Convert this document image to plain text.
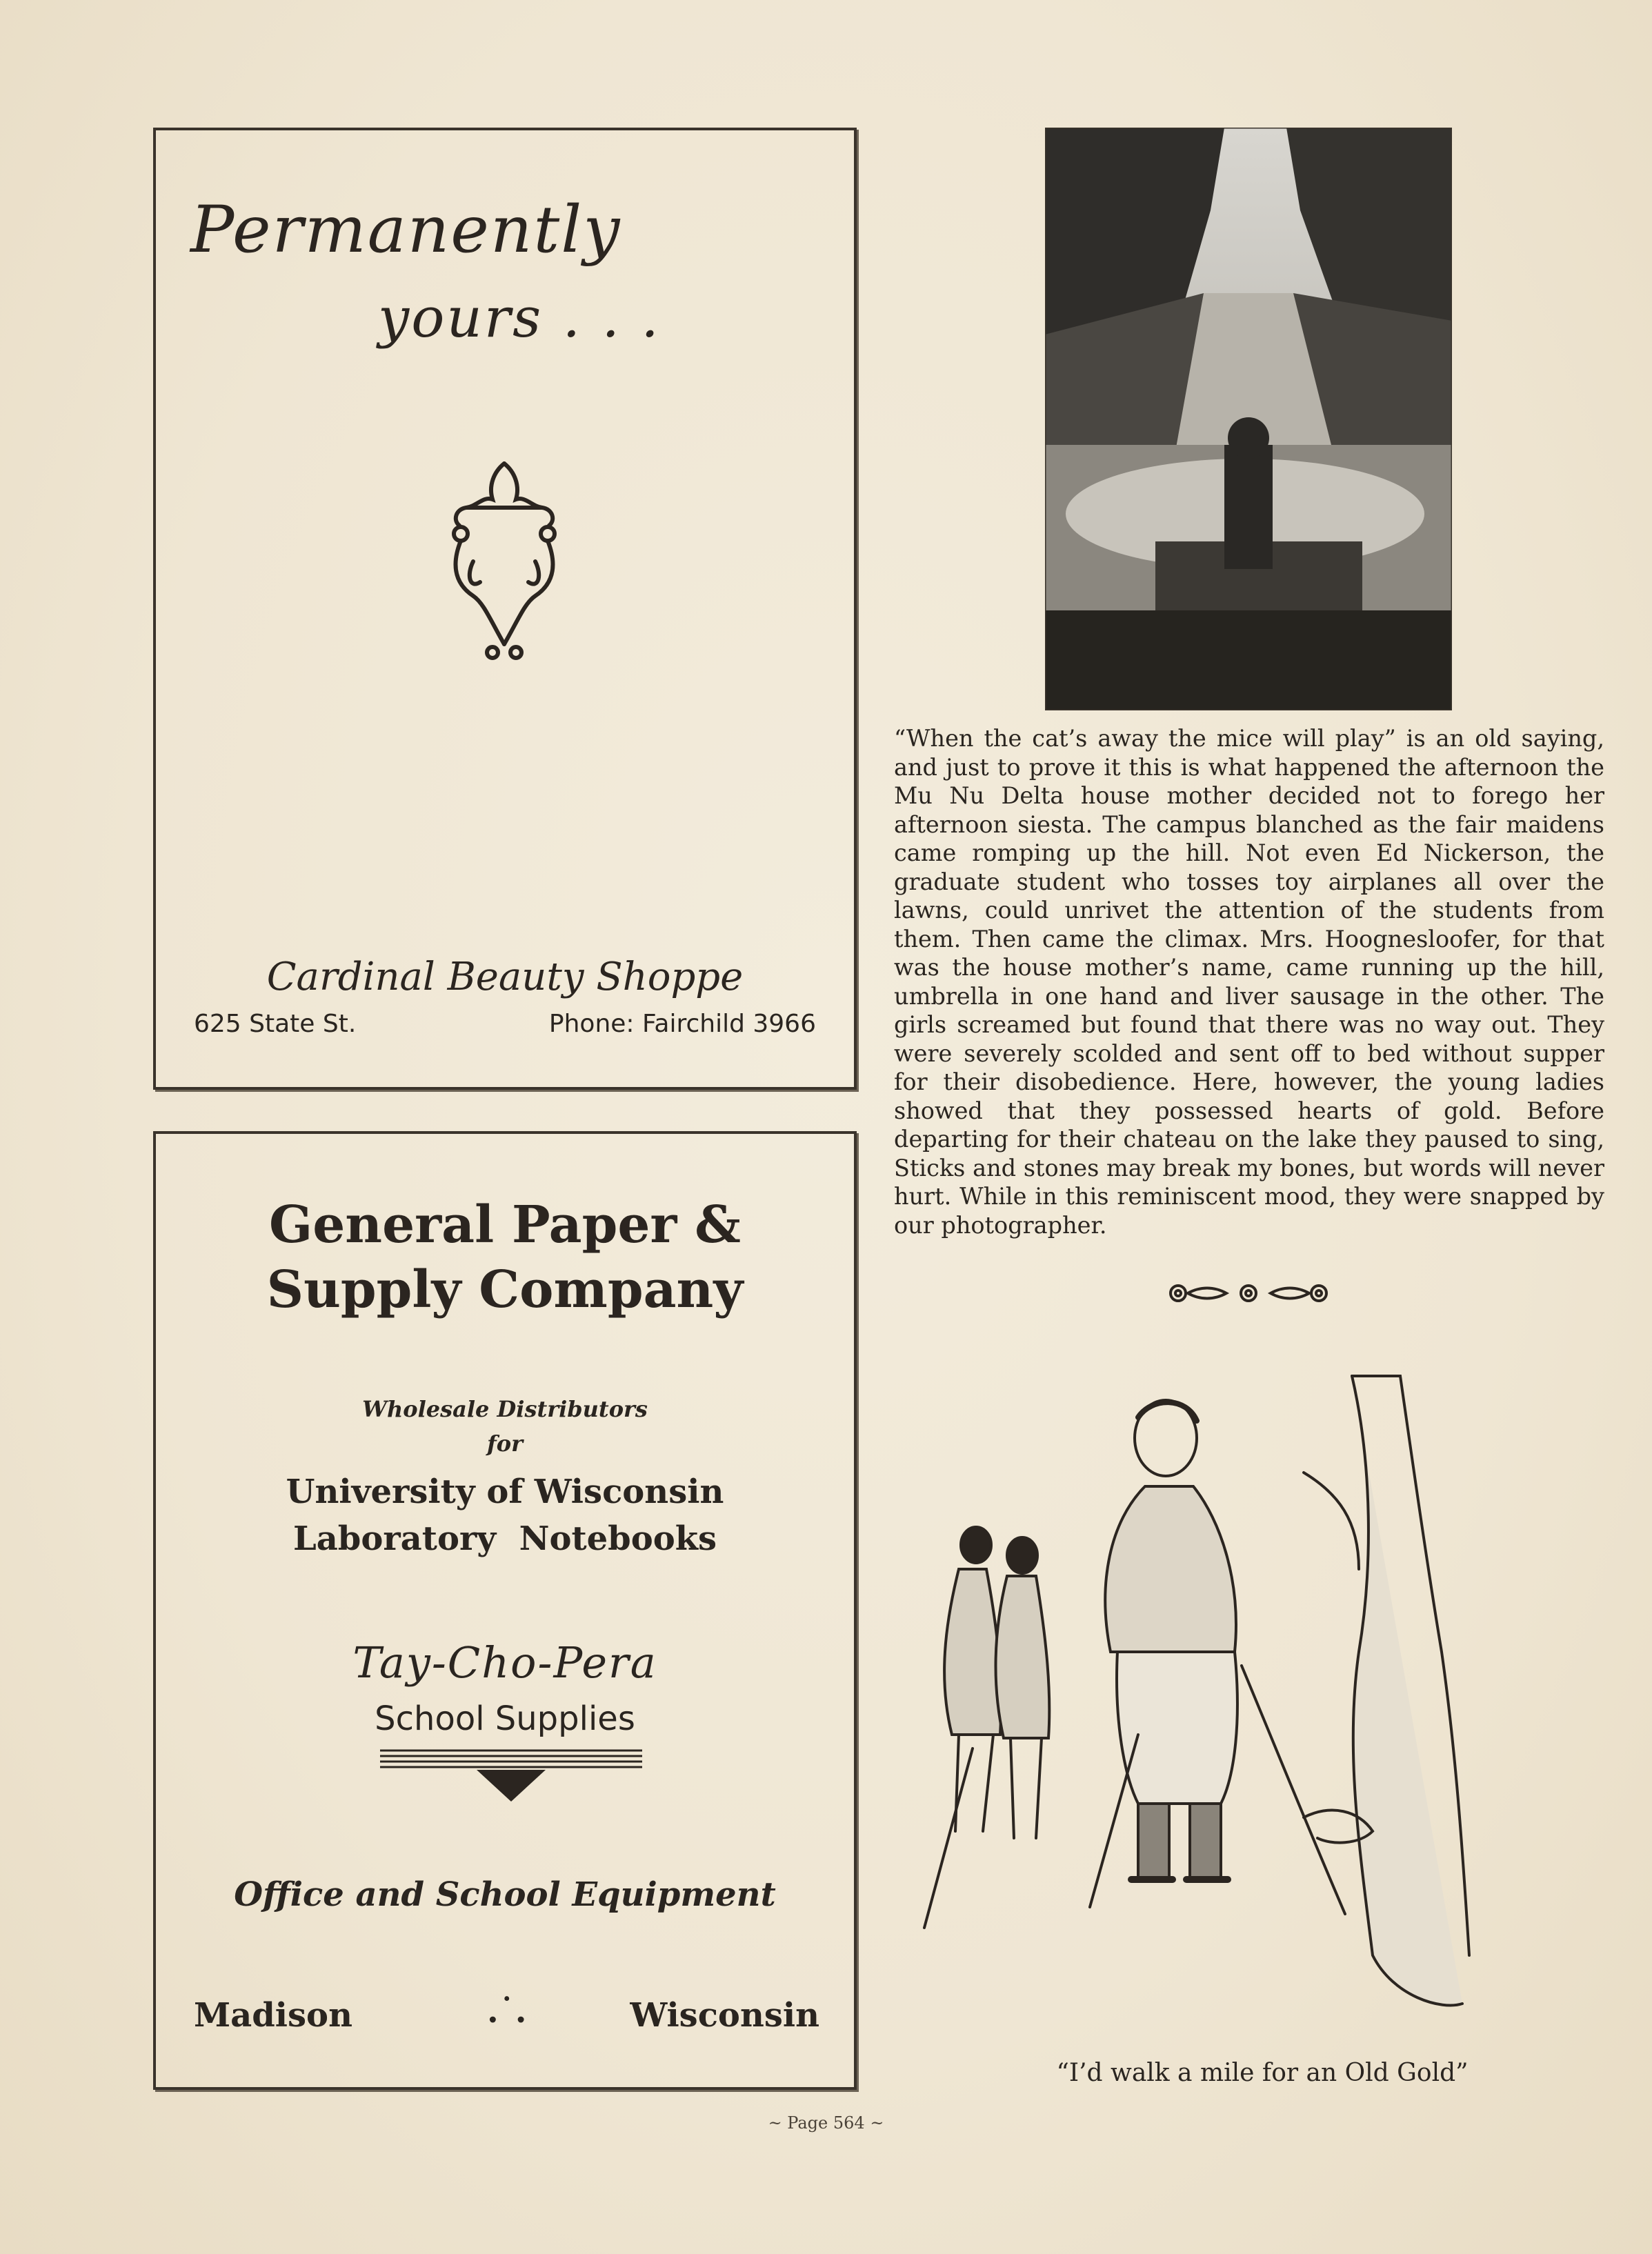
Permanently
yours . . .
Cardinal Beauty Shoppe
625 State St.	Phone: Fairchild 3966
General Paper & Supply Company
Wholesale Distributors
for
University of Wisconsin
Laboratory  Notebooks
Tay-Cho-Pera
School Supplies
Office and School Equipment
Madison	.˙.	Wisconsin
“When the cat’s away the mice will play” is an old saying, and just to prove it this is what happened the afternoon the Mu Nu Delta house mother decided not to forego her afternoon siesta. The campus blanched as the fair maidens came romping up the hill. Not even Ed Nickerson, the graduate student who tosses toy airplanes all over the lawns, could unrivet the attention of the students from them. Then came the climax. Mrs. Hoognesloofer, for that was the house mother’s name, came running up the hill, umbrella in one hand and liver sausage in the other. The girls screamed but found that there was no way out. They were severely scolded and sent off to bed without supper for their disobedience. Here, however, the young ladies showed that they possessed hearts of gold. Before departing for their chateau on the lake they paused to sing, Sticks and stones may break my bones, but words will never hurt. While in this reminiscent mood, they were snapped by our photographer.
“I’d walk a mile for an Old Gold”
~ Page 564 ~
